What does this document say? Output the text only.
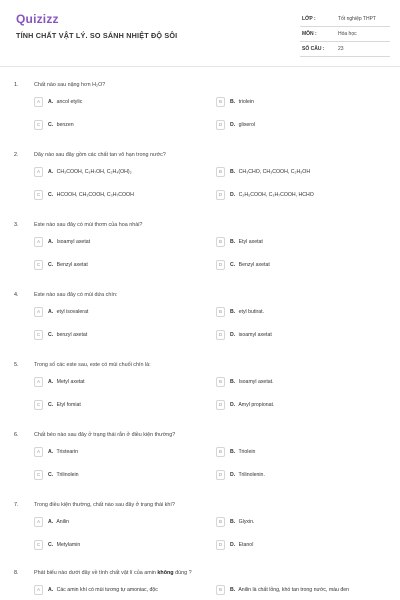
Quizizz
TÍNH CHẤT VẬT LÝ. SO SÁNH NHIỆT ĐỘ SÔI
LỚP :	Tốt nghiệp THPT
MÔN :	Hóa học
SỐ CÂU :	23
1.	Chất nào sau nặng hơn H₂O?
A	A. ancol etylic	B	B. triolein
C	C. benzen	D	D. glixerol
2.	Dãy nào sau đây gồm các chất tan vô hạn trong nước?
A	A. CH₃COOH, C₃H₇OH, C₂H₄(OH)₂	B	B. CH₃CHO, CH₃COOH, C₂H₅OH
C	C. HCOOH, CH₃COOH, C₃H₇COOH	D	D. C₂H₅COOH, C₃H₇COOH, HCHO
3.	Este nào sau đây có mùi thơm của hoa nhài?
A	A. Isoamyl axetat	B	B. Etyl axetat
C	C. Benzyl axetat	D	C. Benzyl axetat
4.	Este nào sau đây có mùi dứa chín:
A	A. etyl isovalerat	B	B. etyl butirat.
C	C. benzyl axetat	D	D. isoamyl axetat
5.	Trong số các este sau, este có mùi chuối chín là:
A	A. Metyl axetat	B	B. Isoamyl axetat.
C	C. Etyl fomiat	D	D. Amyl propionat.
6.	Chất béo nào sau đây ở trạng thái rắn ở điều kiện thường?
A	A. Tristearin	B	B. Triolein
C	C. Trilinolein	D	D. Trilinolenin.
7.	Trong điều kiện thường, chất nào sau đây ở trạng thái khí?
A	A. Anilin	B	B. Glyxin.
C	C. Metylamin	D	D. Etanol
8.	Phát biểu nào dưới đây về tính chất vật lí của amin không đúng ?
A	A. Các amin khí có mùi tương tự amoniac, độc	B	B. Anilin là chất lỏng, khó tan trong nước, màu đen
